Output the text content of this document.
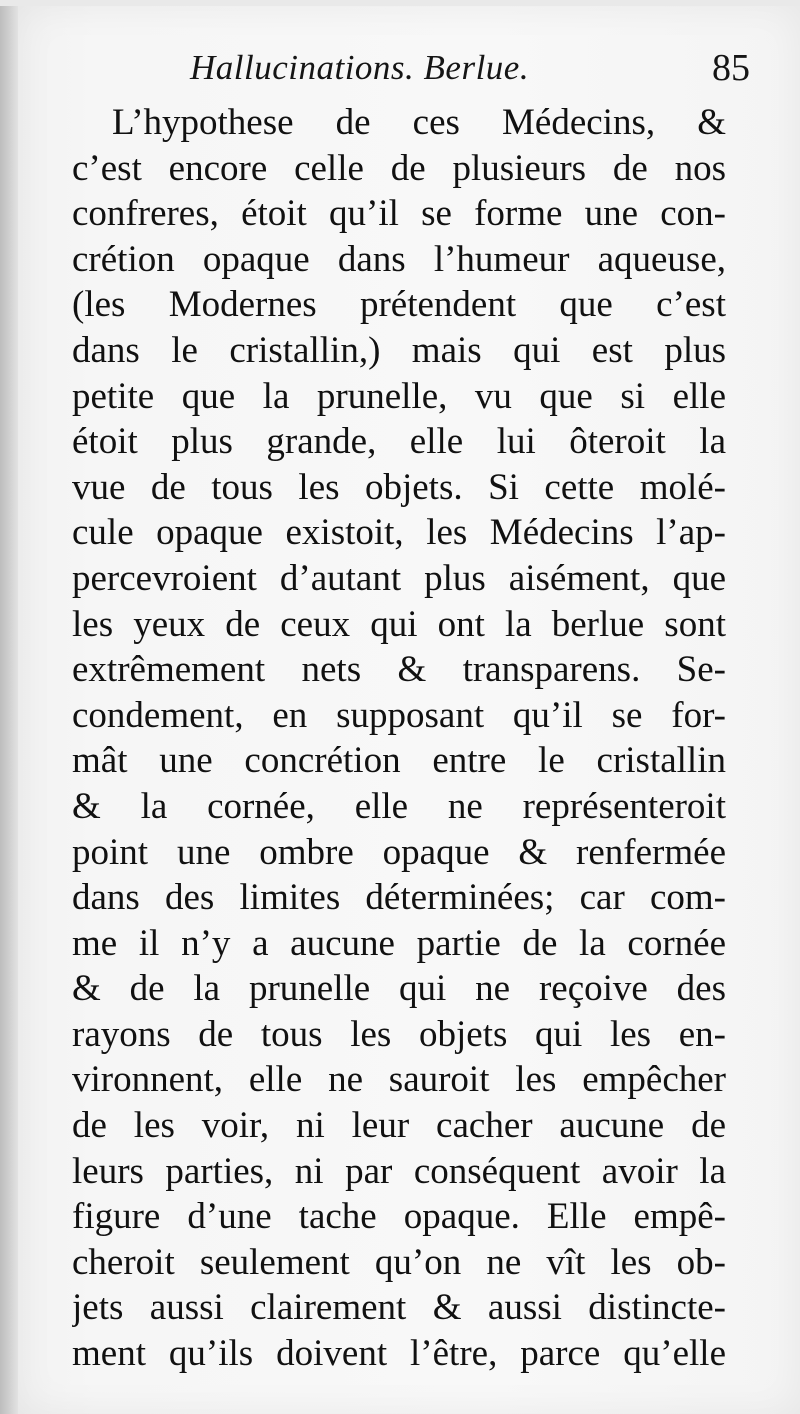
Hallucinations. Berlue.	85
L’hypothese de ces Médecins, &
c’est encore celle de plusieurs de nos
confreres, étoit qu’il se forme une con-
crétion opaque dans l’humeur aqueuse,
(les Modernes prétendent que c’est
dans le cristallin,) mais qui est plus
petite que la prunelle, vu que si elle
étoit plus grande, elle lui ôteroit la
vue de tous les objets. Si cette molé-
cule opaque existoit, les Médecins l’ap-
percevroient d’autant plus aisément, que
les yeux de ceux qui ont la berlue sont
extrêmement nets & transparens. Se-
condement, en supposant qu’il se for-
mât une concrétion entre le cristallin
& la cornée, elle ne représenteroit
point une ombre opaque & renfermée
dans des limites déterminées; car com-
me il n’y a aucune partie de la cornée
& de la prunelle qui ne reçoive des
rayons de tous les objets qui les en-
vironnent, elle ne sauroit les empêcher
de les voir, ni leur cacher aucune de
leurs parties, ni par conséquent avoir la
figure d’une tache opaque. Elle empê-
cheroit seulement qu’on ne vît les ob-
jets aussi clairement & aussi distincte-
ment qu’ils doivent l’être, parce qu’elle
